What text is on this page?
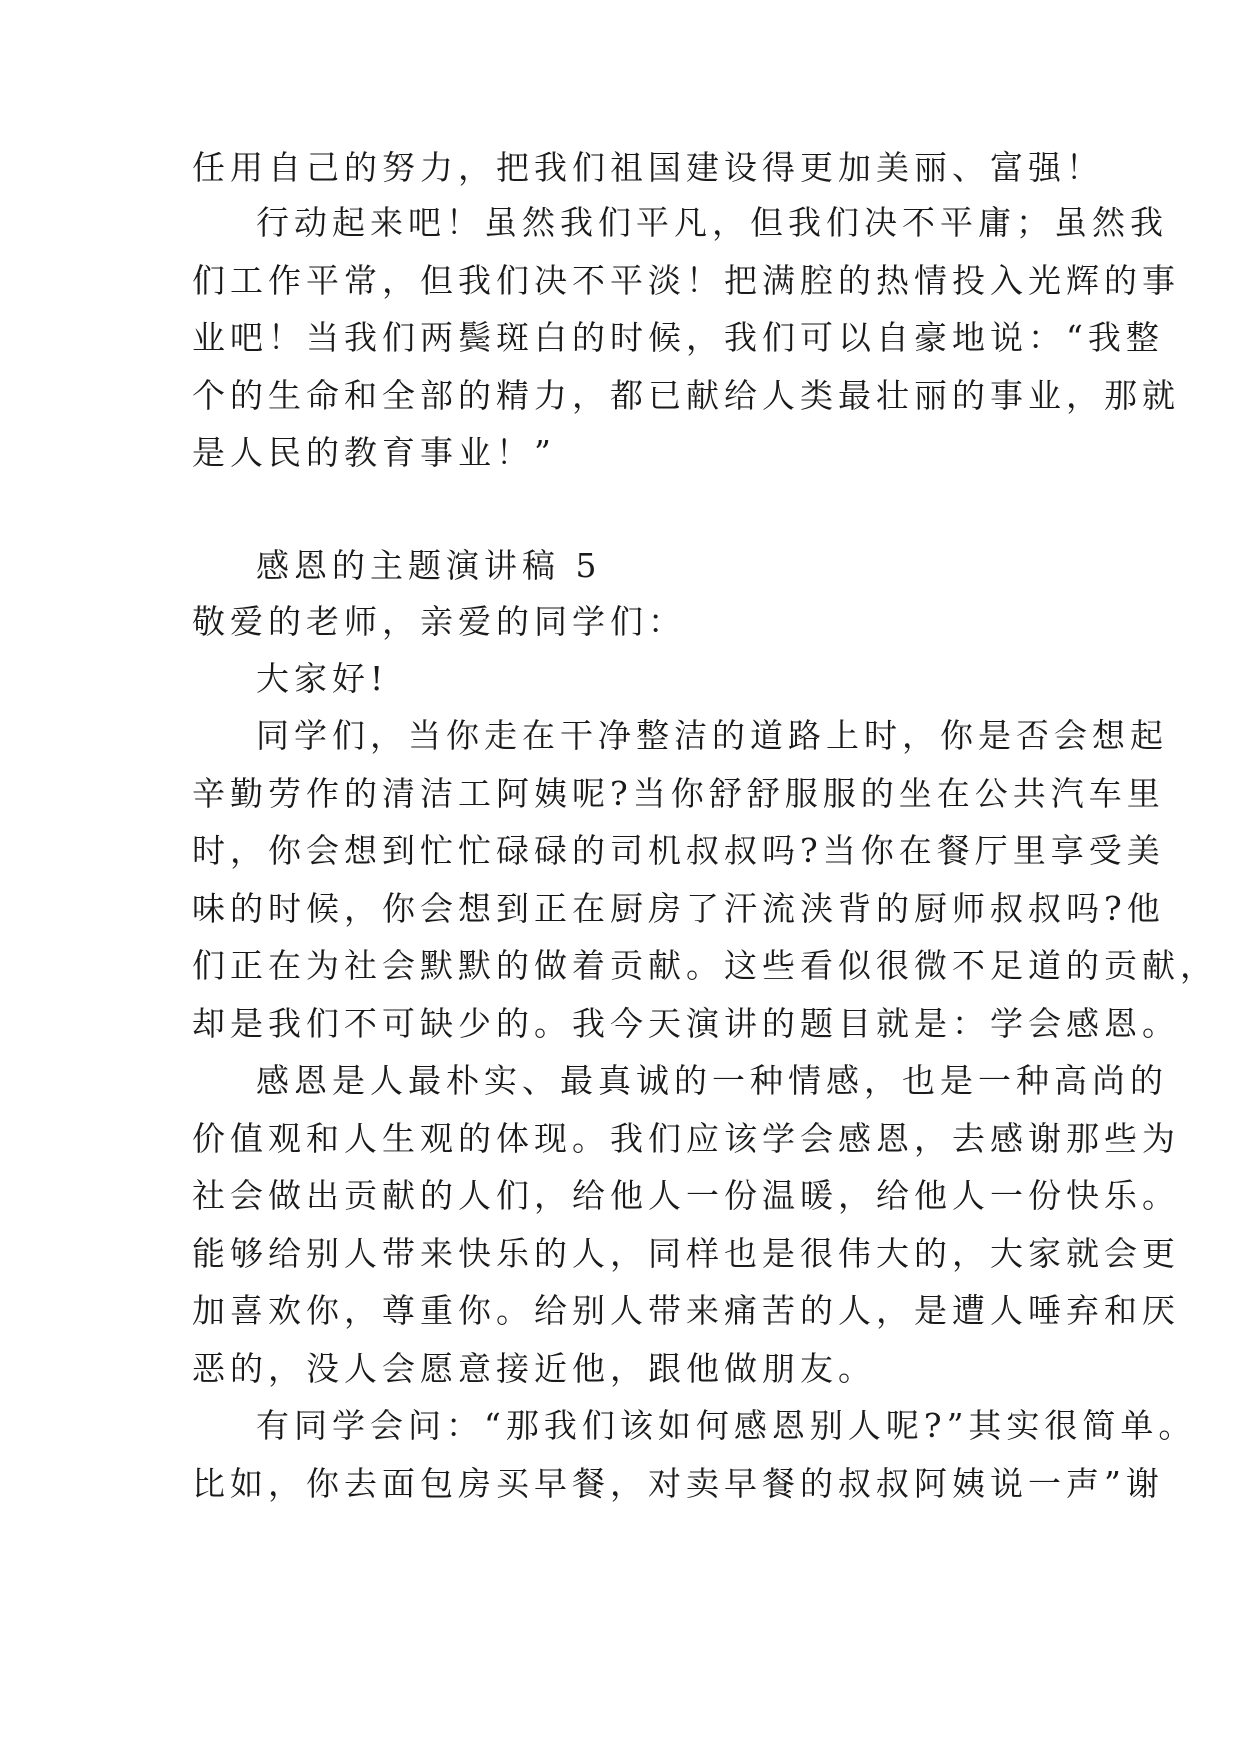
任用自己的努力，把我们祖国建设得更加美丽、富强！
行动起来吧！虽然我们平凡，但我们决不平庸；虽然我
们工作平常，但我们决不平淡！把满腔的热情投入光辉的事
业吧！当我们两鬓斑白的时候，我们可以自豪地说：“我整
个的生命和全部的精力，都已献给人类最壮丽的事业，那就
是人民的教育事业！”
感恩的主题演讲稿 5
敬爱的老师，亲爱的同学们：
大家好!
同学们，当你走在干净整洁的道路上时，你是否会想起
辛勤劳作的清洁工阿姨呢?当你舒舒服服的坐在公共汽车里
时，你会想到忙忙碌碌的司机叔叔吗?当你在餐厅里享受美
味的时候，你会想到正在厨房了汗流浃背的厨师叔叔吗?他
们正在为社会默默的做着贡献。这些看似很微不足道的贡献，
却是我们不可缺少的。我今天演讲的题目就是：学会感恩。
感恩是人最朴实、最真诚的一种情感，也是一种高尚的
价值观和人生观的体现。我们应该学会感恩，去感谢那些为
社会做出贡献的人们，给他人一份温暖，给他人一份快乐。
能够给别人带来快乐的人，同样也是很伟大的，大家就会更
加喜欢你，尊重你。给别人带来痛苦的人，是遭人唾弃和厌
恶的，没人会愿意接近他，跟他做朋友。
有同学会问：“那我们该如何感恩别人呢?”其实很简单。
比如，你去面包房买早餐，对卖早餐的叔叔阿姨说一声”谢
